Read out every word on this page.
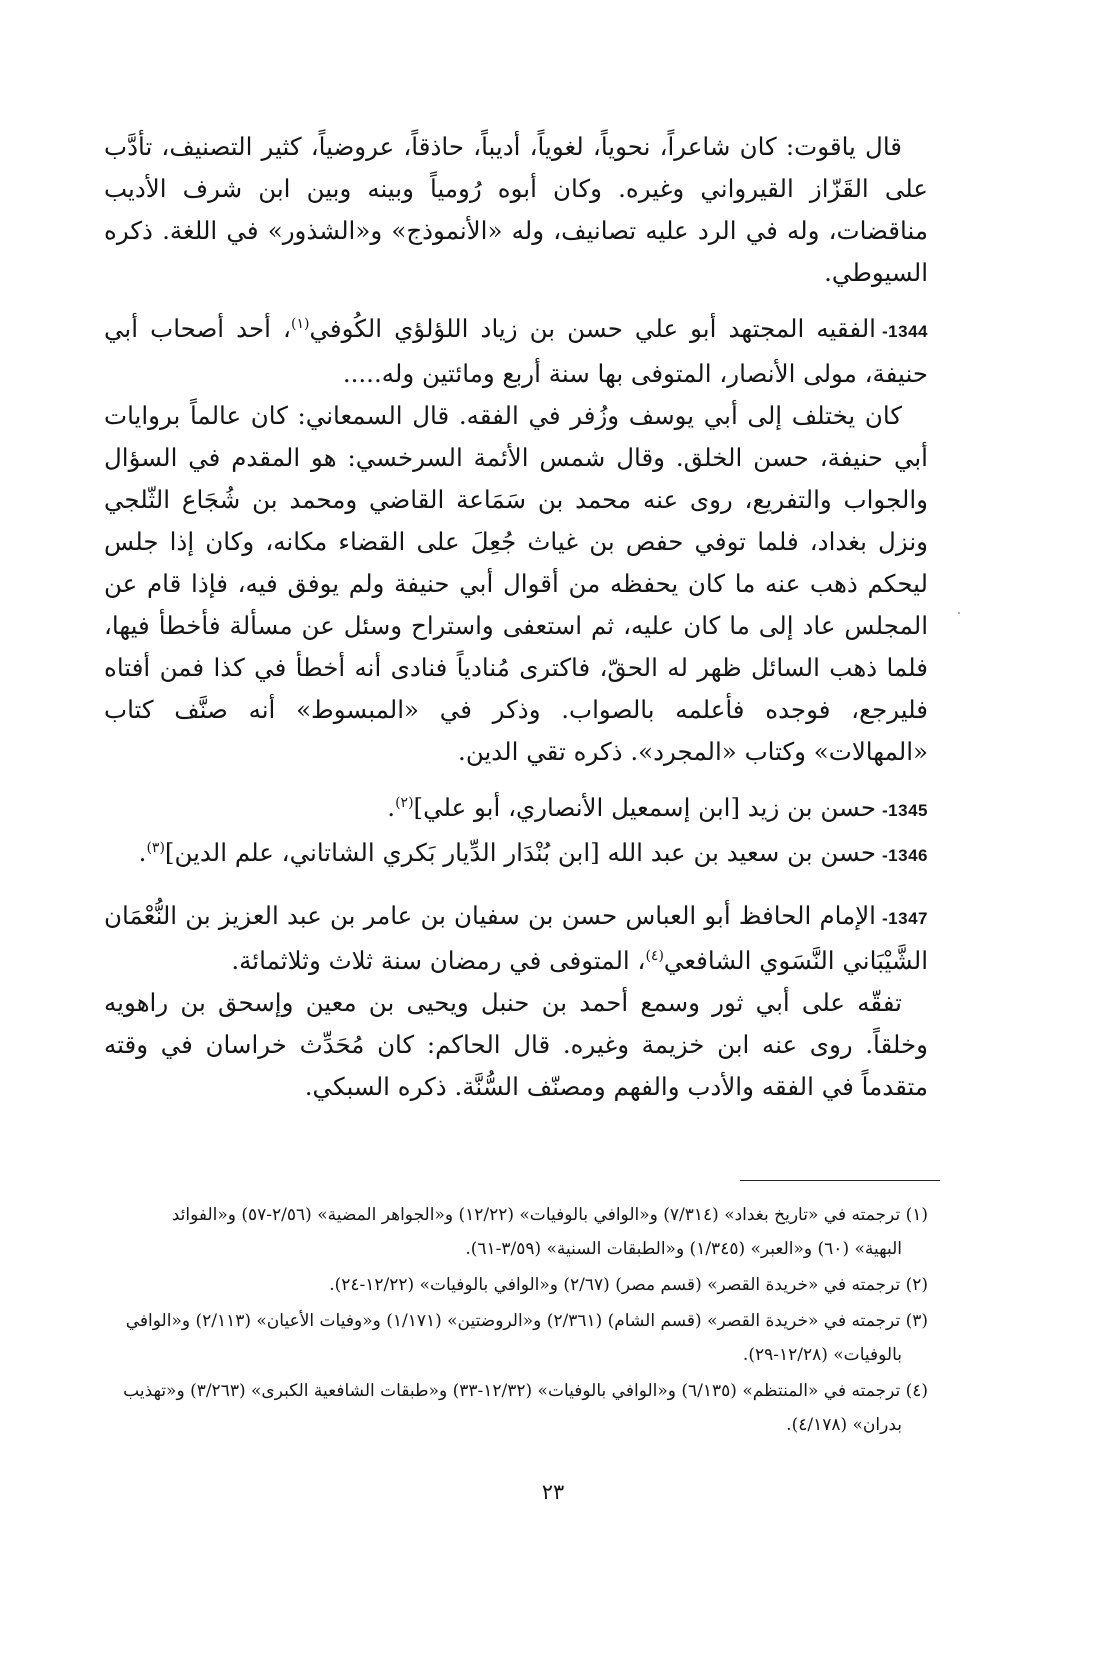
قال ياقوت: كان شاعراً، نحوياً، لغوياً، أديباً، حاذقاً، عروضياً، كثير التصنيف، تأدَّب على القَزّاز القيرواني وغيره. وكان أبوه رُومياً وبينه وبين ابن شرف الأديب مناقضات، وله في الرد عليه تصانيف، وله «الأنموذج» و«الشذور» في اللغة. ذكره السيوطي.

1344 -الفقيه المجتهد أبو علي حسن بن زياد اللؤلؤي الكُوفي$^{(١)}$، أحد أصحاب أبي حنيفة، مولى الأنصار، المتوفى بها سنة أربع ومائتين وله.....

كان يختلف إلى أبي يوسف وزُفر في الفقه. قال السمعاني: كان عالماً بروايات أبي حنيفة، حسن الخلق. وقال شمس الأئمة السرخسي: هو المقدم في السؤال والجواب والتفريع، روى عنه محمد بن سَمَاعة القاضي ومحمد بن شُجَاع الثّلجي ونزل بغداد، فلما توفي حفص بن غياث جُعِلَ على القضاء مكانه، وكان إذا جلس ليحكم ذهب عنه ما كان يحفظه من أقوال أبي حنيفة ولم يوفق فيه، فإذا قام عن المجلس عاد إلى ما كان عليه، ثم استعفى واستراح وسئل عن مسألة فأخطأ فيها، فلما ذهب السائل ظهر له الحقّ، فاكترى مُنادياً فنادى أنه أخطأ في كذا فمن أفتاه فليرجع، فوجده فأعلمه بالصواب. وذكر في «المبسوط» أنه صنَّف كتاب «المهالات» وكتاب «المجرد». ذكره تقي الدين.

1345 -حسن بن زيد [ابن إسمعيل الأنصاري، أبو علي]$^{(٢)}$.

1346 -حسن بن سعيد بن عبد الله [ابن بُنْدَار الدِّيار بَكري الشاتاني، علم الدين]$^{(٣)}$.

1347 -الإمام الحافظ أبو العباس حسن بن سفيان بن عامر بن عبد العزيز بن النُّعْمَان الشَّيْبَاني النَّسَوي الشافعي$^{(٤)}$، المتوفى في رمضان سنة ثلاث وثلاثمائة.

تفقّه على أبي ثور وسمع أحمد بن حنبل ويحيى بن معين وإسحق بن راهويه وخلقاً. روى عنه ابن خزيمة وغيره. قال الحاكم: كان مُحَدِّث خراسان في وقته متقدماً في الفقه والأدب والفهم ومصنّف السُّنَّة. ذكره السبكي.

(١) ترجمته في «تاريخ بغداد» (٧/٣١٤) و«الوافي بالوفيات» (١٢/٢٢) و«الجواهر المضية» (٢/٥٦-٥٧) و«الفوائد
البهية» (٦٠) و«العبر» (١/٣٤٥) و«الطبقات السنية» (٣/٥٩-٦١).

(٢) ترجمته في «خريدة القصر» (قسم مصر) (٢/٦٧) و«الوافي بالوفيات» (١٢/٢٢-٢٤).

(٣) ترجمته في «خريدة القصر» (قسم الشام) (٢/٣٦١) و«الروضتين» (١/١٧١) و«وفيات الأعيان» (٢/١١٣) و«الوافي
بالوفيات» (١٢/٢٨-٢٩).

(٤) ترجمته في «المنتظم» (٦/١٣٥) و«الوافي بالوفيات» (١٢/٣٢-٣٣) و«طبقات الشافعية الكبرى» (٣/٢٦٣) و«تهذيب
بدران» (٤/١٧٨).

٢٣
